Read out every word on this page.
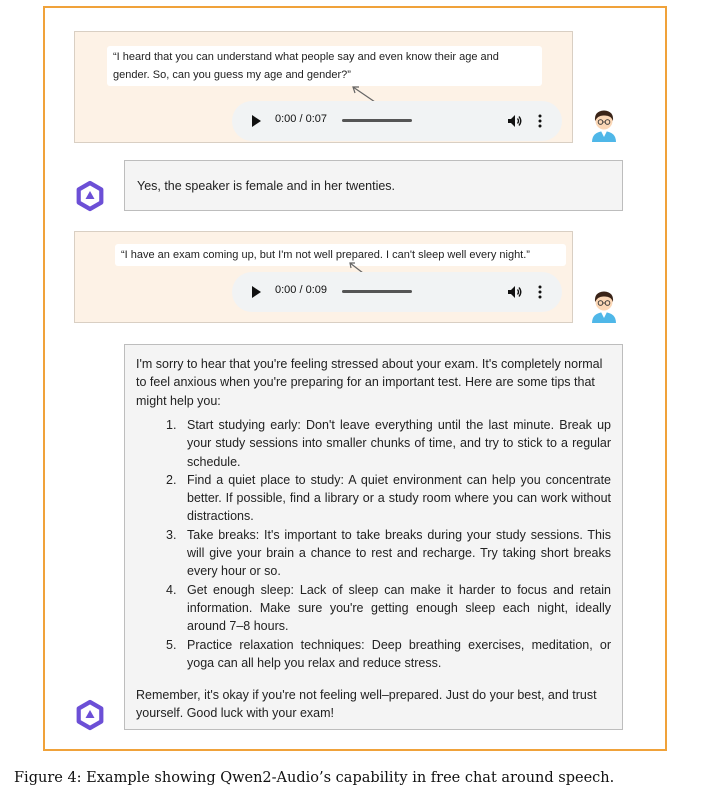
“I heard that you can understand what people say and even know their age and gender. So, can you guess my age and gender?”
0:00 / 0:07
Yes, the speaker is female and in her twenties.
“I have an exam coming up, but I'm not well prepared. I can't sleep well every night.”
0:00 / 0:09

I'm sorry to hear that you're feeling stressed about your exam. It's completely normal to feel anxious when you're preparing for an important test. Here are some tips that might help you:

1. Start studying early: Don't leave everything until the last minute. Break up your study sessions into smaller chunks of time, and try to stick to a regular schedule.
2. Find a quiet place to study: A quiet environment can help you concentrate better. If possible, find a library or a study room where you can work without distractions.
3. Take breaks: It's important to take breaks during your study sessions. This will give your brain a chance to rest and recharge. Try taking short breaks every hour or so.
4. Get enough sleep: Lack of sleep can make it harder to focus and retain information. Make sure you're getting enough sleep each night, ideally around 7–8 hours.
5. Practice relaxation techniques: Deep breathing exercises, meditation, or yoga can all help you relax and reduce stress.

Remember, it's okay if you're not feeling well–prepared. Just do your best, and trust yourself. Good luck with your exam!

Figure 4: Example showing Qwen2-Audio’s capability in free chat around speech.
